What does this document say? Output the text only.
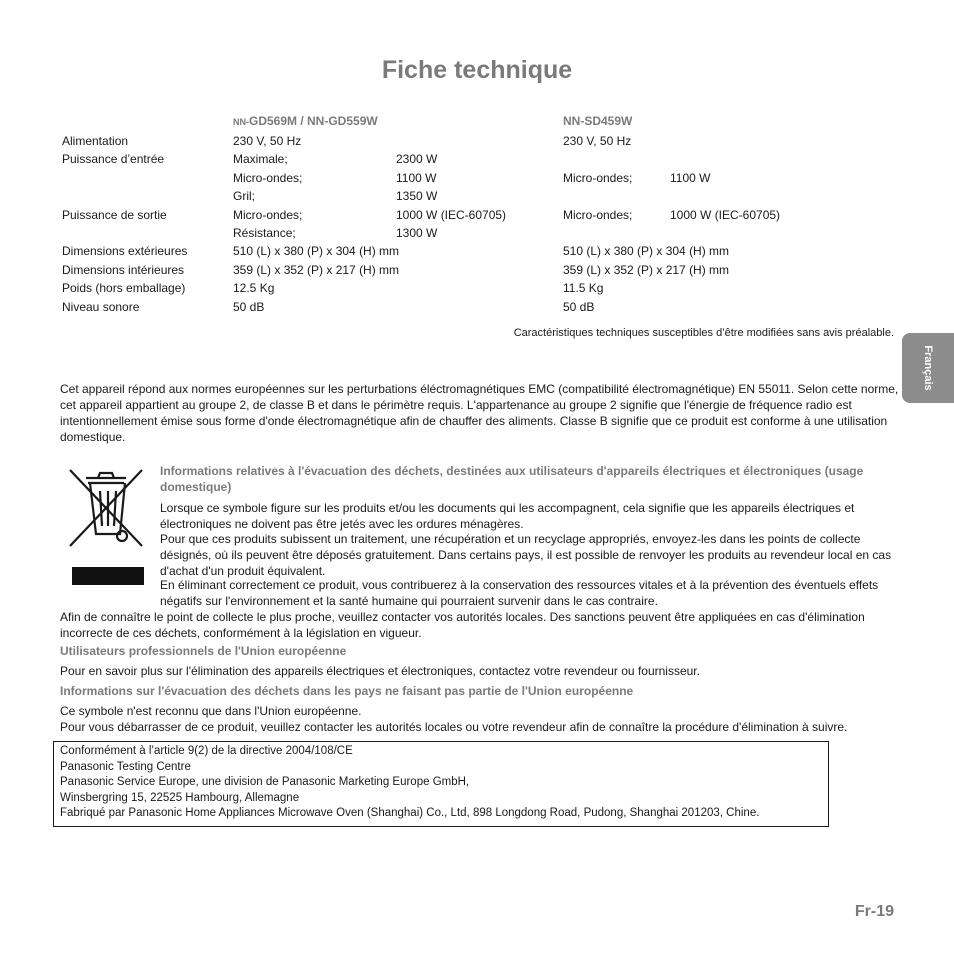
Fiche technique
NN-GD569M / NN-GD559W	NN-SD459W
Alimentation	230 V, 50 Hz	230 V, 50 Hz
Puissance d’entrée	Maximale;	2300 W
Micro-ondes;	1100 W	Micro-ondes;	1100 W
Gril;	1350 W
Puissance de sortie	Micro-ondes;	1000 W (IEC-60705)	Micro-ondes;	1000 W (IEC-60705)
Résistance;	1300 W
Dimensions extérieures	510 (L) x 380 (P) x 304 (H) mm	510 (L) x 380 (P) x 304 (H) mm
Dimensions intérieures	359 (L) x 352 (P) x 217 (H) mm	359 (L) x 352 (P) x 217 (H) mm
Poids (hors emballage)	12.5 Kg	11.5 Kg
Niveau sonore	50 dB	50 dB
Caractéristiques techniques susceptibles d’être modifiées sans avis préalable.
Français

Cet appareil répond aux normes européennes sur les perturbations éléctromagnétiques EMC (compatibilité électromagnétique) EN 55011. Selon cette norme, cet appareil appartient au groupe 2, de classe B et dans le périmètre requis. L'appartenance au groupe 2 signifie que l'énergie de fréquence radio est intentionnellement émise sous forme d'onde électromagnétique afin de chauffer des aliments. Classe B signifie que ce produit est conforme à une utilisation domestique.

Informations relatives à l'évacuation des déchets, destinées aux utilisateurs d'appareils électriques et électroniques (usage domestique)

Lorsque ce symbole figure sur les produits et/ou les documents qui les accompagnent, cela signifie que les appareils électriques et électroniques ne doivent pas être jetés avec les ordures ménagères.

Pour que ces produits subissent un traitement, une récupération et un recyclage appropriés, envoyez-les dans les points de collecte désignés, où ils peuvent être déposés gratuitement. Dans certains pays, il est possible de renvoyer les produits au revendeur local en cas d'achat d'un produit équivalent.

En éliminant correctement ce produit, vous contribuerez à la conservation des ressources vitales et à la prévention des éventuels effets négatifs sur l'environnement et la santé humaine qui pourraient survenir dans le cas contraire.

Afin de connaître le point de collecte le plus proche, veuillez contacter vos autorités locales. Des sanctions peuvent être appliquées en cas d'élimination incorrecte de ces déchets, conformément à la législation en vigueur.

Utilisateurs professionnels de l'Union européenne

Pour en savoir plus sur l'élimination des appareils électriques et électroniques, contactez votre revendeur ou fournisseur.

Informations sur l'évacuation des déchets dans les pays ne faisant pas partie de l'Union européenne

Ce symbole n'est reconnu que dans l'Union européenne.

Pour vous débarrasser de ce produit, veuillez contacter les autorités locales ou votre revendeur afin de connaître la procédure d'élimination à suivre.

Conformément à l’article 9(2) de la directive 2004/108/CE
Panasonic Testing Centre
Panasonic Service Europe, une division de Panasonic Marketing Europe GmbH,
Winsbergring 15, 22525 Hambourg, Allemagne
Fabriqué par Panasonic Home Appliances Microwave Oven (Shanghai) Co., Ltd, 898 Longdong Road, Pudong, Shanghai 201203, Chine.
Fr-19
